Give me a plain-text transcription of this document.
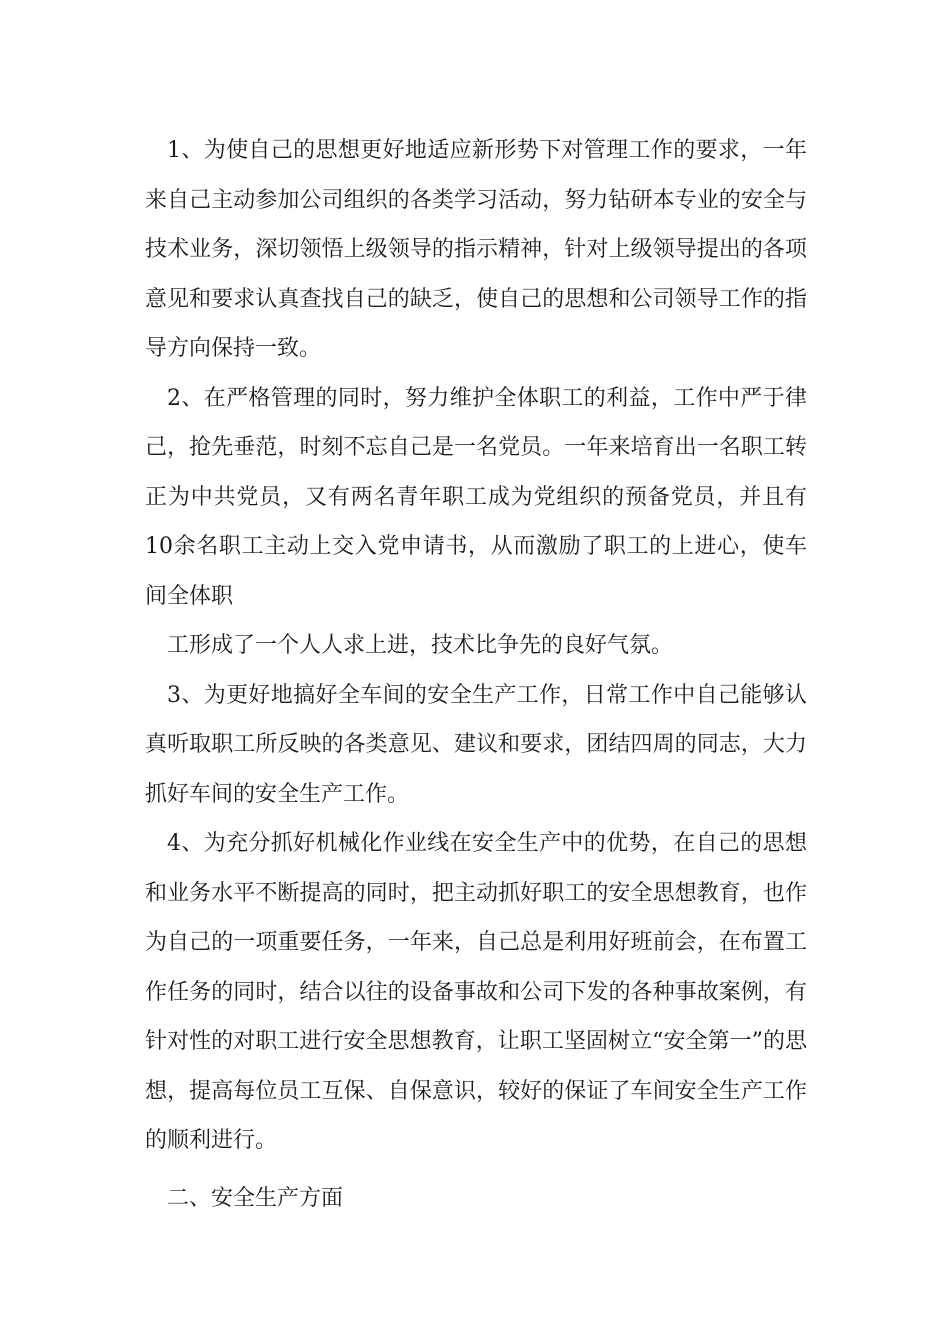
1、为使自己的思想更好地适应新形势下对管理工作的要求，一年来自己主动参加公司组织的各类学习活动，努力钻研本专业的安全与技术业务，深切领悟上级领导的指示精神，针对上级领导提出的各项意见和要求认真查找自己的缺乏，使自己的思想和公司领导工作的指导方向保持一致。

2、在严格管理的同时，努力维护全体职工的利益，工作中严于律己，抢先垂范，时刻不忘自己是一名党员。一年来培育出一名职工转正为中共党员，又有两名青年职工成为党组织的预备党员，并且有10余名职工主动上交入党申请书，从而激励了职工的上进心，使车间全体职

工形成了一个人人求上进，技术比争先的良好气氛。

3、为更好地搞好全车间的安全生产工作，日常工作中自己能够认真听取职工所反映的各类意见、建议和要求，团结四周的同志，大力抓好车间的安全生产工作。

4、为充分抓好机械化作业线在安全生产中的优势，在自己的思想和业务水平不断提高的同时，把主动抓好职工的安全思想教育，也作为自己的一项重要任务，一年来，自己总是利用好班前会，在布置工作任务的同时，结合以往的设备事故和公司下发的各种事故案例，有针对性的对职工进行安全思想教育，让职工坚固树立“安全第一”的思想，提高每位员工互保、自保意识，较好的保证了车间安全生产工作的顺利进行。

二、安全生产方面
